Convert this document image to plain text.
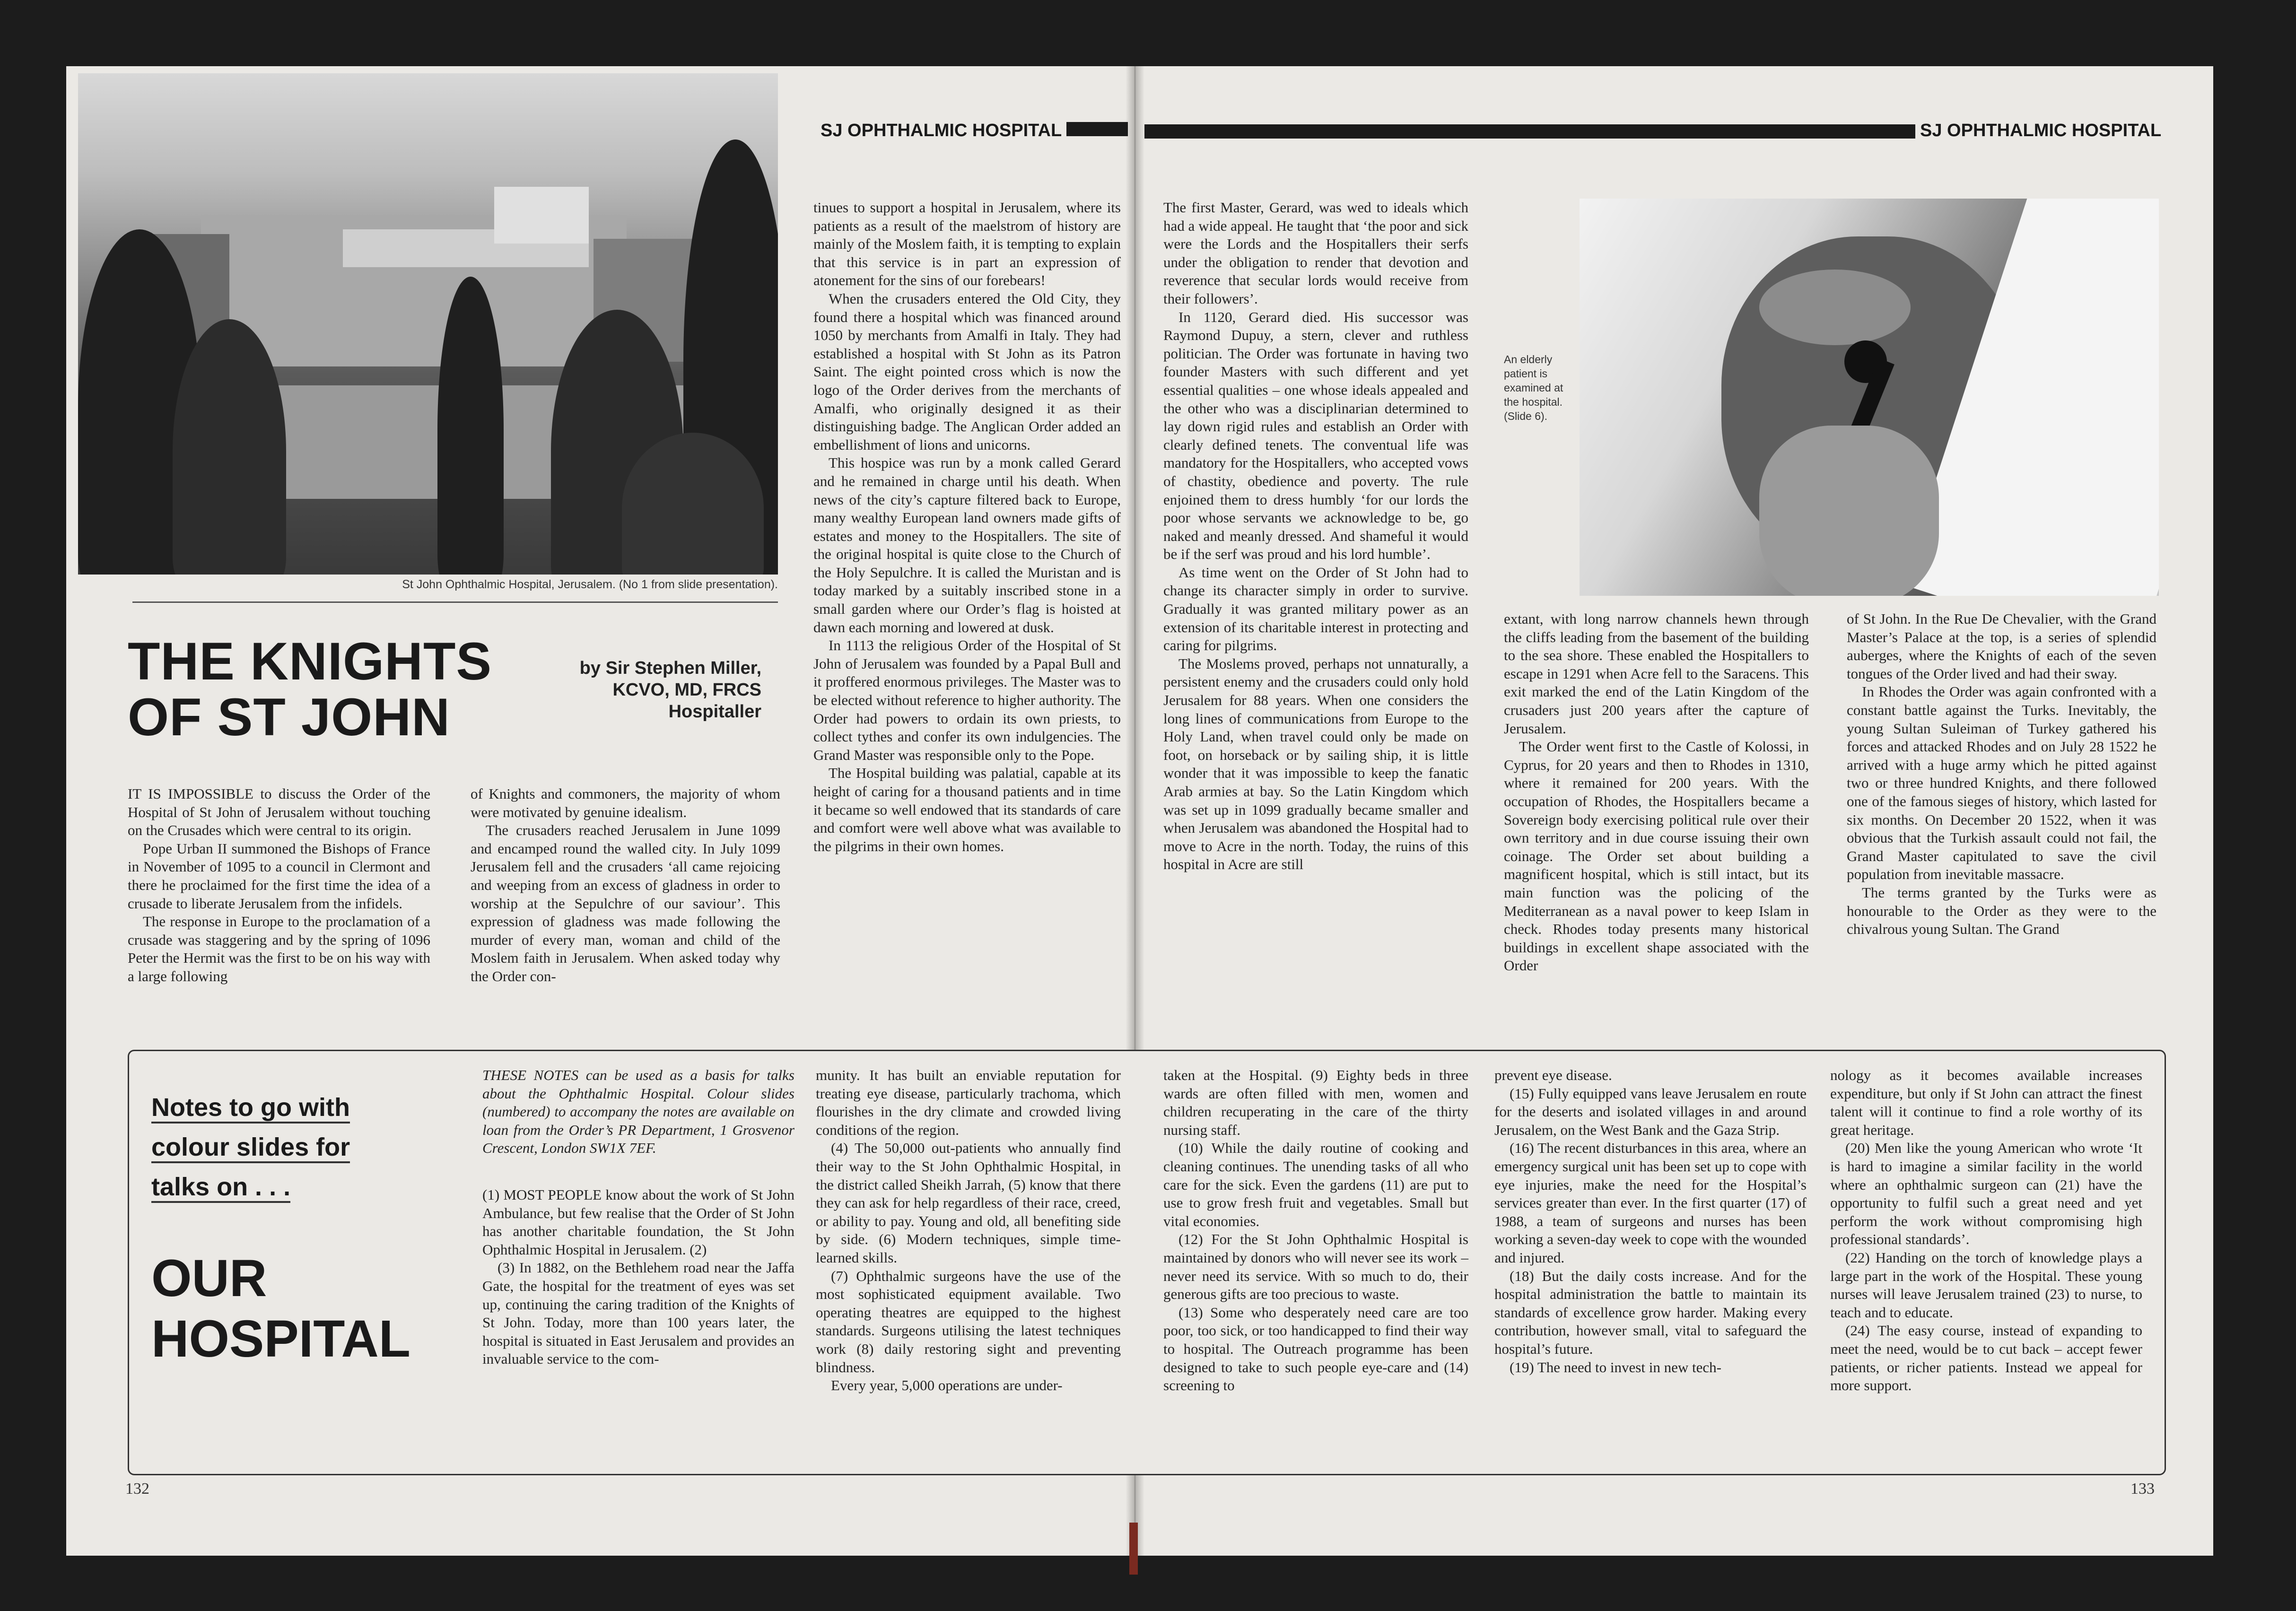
SJ OPHTHALMIC HOSPITAL	SJ OPHTHALMIC HOSPITAL
St John Ophthalmic Hospital, Jerusalem. (No 1 from slide presentation).
THE KNIGHTS
OF ST JOHN
by Sir Stephen Miller,
KCVO, MD, FRCS
Hospitaller

IT IS IMPOSSIBLE to discuss the Order of the Hospital of St John of Jerusalem without touching on the Crusades which were central to its origin.

Pope Urban II summoned the Bishops of France in November of 1095 to a council in Clermont and there he proclaimed for the first time the idea of a crusade to liberate Jerusalem from the infidels.

The response in Europe to the proclamation of a crusade was staggering and by the spring of 1096 Peter the Hermit was the first to be on his way with a large following

of Knights and commoners, the majority of whom were motivated by genuine idealism.

The crusaders reached Jerusalem in June 1099 and encamped round the walled city. In July 1099 Jerusalem fell and the crusaders ‘all came rejoicing and weeping from an excess of gladness in order to worship at the Sepulchre of our saviour’. This expression of gladness was made following the murder of every man, woman and child of the Moslem faith in Jerusalem. When asked today why the Order con-

tinues to support a hospital in Jerusalem, where its patients as a result of the maelstrom of history are mainly of the Moslem faith, it is tempting to explain that this service is in part an expression of atonement for the sins of our forebears!

When the crusaders entered the Old City, they found there a hospital which was financed around 1050 by merchants from Amalfi in Italy. They had established a hospital with St John as its Patron Saint. The eight pointed cross which is now the logo of the Order derives from the merchants of Amalfi, who originally designed it as their distinguishing badge. The Anglican Order added an embellishment of lions and unicorns.

This hospice was run by a monk called Gerard and he remained in charge until his death. When news of the city’s capture filtered back to Europe, many wealthy European land owners made gifts of estates and money to the Hospitallers. The site of the original hospital is quite close to the Church of the Holy Sepulchre. It is called the Muristan and is today marked by a suitably inscribed stone in a small garden where our Order’s flag is hoisted at dawn each morning and lowered at dusk.

In 1113 the religious Order of the Hospital of St John of Jerusalem was founded by a Papal Bull and it proffered enormous privileges. The Master was to be elected without reference to higher authority. The Order had powers to ordain its own priests, to collect tythes and confer its own indulgencies. The Grand Master was responsible only to the Pope.

The Hospital building was palatial, capable at its height of caring for a thousand patients and in time it became so well endowed that its standards of care and comfort were well above what was available to the pilgrims in their own homes.

The first Master, Gerard, was wed to ideals which had a wide appeal. He taught that ‘the poor and sick were the Lords and the Hospitallers their serfs under the obligation to render that devotion and reverence that secular lords would receive from their followers’.

In 1120, Gerard died. His successor was Raymond Dupuy, a stern, clever and ruthless politician. The Order was fortunate in having two founder Masters with such different and yet essential qualities – one whose ideals appealed and the other who was a disciplinarian determined to lay down rigid rules and establish an Order with clearly defined tenets. The conventual life was mandatory for the Hospitallers, who accepted vows of chastity, obedience and poverty. The rule enjoined them to dress humbly ‘for our lords the poor whose servants we acknowledge to be, go naked and meanly dressed. And shameful it would be if the serf was proud and his lord humble’.

As time went on the Order of St John had to change its character simply in order to survive. Gradually it was granted military power as an extension of its charitable interest in protecting and caring for pilgrims.

The Moslems proved, perhaps not unnaturally, a persistent enemy and the crusaders could only hold Jerusalem for 88 years. When one considers the long lines of communications from Europe to the Holy Land, when travel could only be made on foot, on horseback or by sailing ship, it is little wonder that it was impossible to keep the fanatic Arab armies at bay. So the Latin Kingdom which was set up in 1099 gradually became smaller and when Jerusalem was abandoned the Hospital had to move to Acre in the north. Today, the ruins of this hospital in Acre are still

An elderly patient is examined at the hospital. (Slide 6).

extant, with long narrow channels hewn through the cliffs leading from the basement of the building to the sea shore. These enabled the Hospitallers to escape in 1291 when Acre fell to the Saracens. This exit marked the end of the Latin Kingdom of the crusaders just 200 years after the capture of Jerusalem.

The Order went first to the Castle of Kolossi, in Cyprus, for 20 years and then to Rhodes in 1310, where it remained for 200 years. With the occupation of Rhodes, the Hospitallers became a Sovereign body exercising political rule over their own territory and in due course issuing their own coinage. The Order set about building a magnificent hospital, which is still intact, but its main function was the policing of the Mediterranean as a naval power to keep Islam in check. Rhodes today presents many historical buildings in excellent shape associated with the Order

of St John. In the Rue De Chevalier, with the Grand Master’s Palace at the top, is a series of splendid auberges, where the Knights of each of the seven tongues of the Order lived and had their sway.

In Rhodes the Order was again confronted with a constant battle against the Turks. Inevitably, the young Sultan Suleiman of Turkey gathered his forces and attacked Rhodes and on July 28 1522 he arrived with a huge army which he pitted against two or three hundred Knights, and there followed one of the famous sieges of history, which lasted for six months. On December 20 1522, when it was obvious that the Turkish assault could not fail, the Grand Master capitulated to save the civil population from inevitable massacre.

The terms granted by the Turks were as honourable to the Order as they were to the chivalrous young Sultan. The Grand

Notes to go with
colour slides for
talks on . . .
OUR
HOSPITAL

THESE NOTES can be used as a basis for talks about the Ophthalmic Hospital. Colour slides (numbered) to accompany the notes are available on loan from the Order’s PR Department, 1 Grosvenor Crescent, London SW1X 7EF.

(1) MOST PEOPLE know about the work of St John Ambulance, but few realise that the Order of St John has another charitable foundation, the St John Ophthalmic Hospital in Jerusalem. (2)

(3) In 1882, on the Bethlehem road near the Jaffa Gate, the hospital for the treatment of eyes was set up, continuing the caring tradition of the Knights of St John. Today, more than 100 years later, the hospital is situated in East Jerusalem and provides an invaluable service to the com-

munity. It has built an enviable reputation for treating eye disease, particularly trachoma, which flourishes in the dry climate and crowded living conditions of the region.

(4) The 50,000 out-patients who annually find their way to the St John Ophthalmic Hospital, in the district called Sheikh Jarrah, (5) know that there they can ask for help regardless of their race, creed, or ability to pay. Young and old, all benefiting side by side. (6) Modern techniques, simple time-learned skills.

(7) Ophthalmic surgeons have the use of the most sophisticated equipment available. Two operating theatres are equipped to the highest standards. Surgeons utilising the latest techniques work (8) daily restoring sight and preventing blindness.

Every year, 5,000 operations are under-

taken at the Hospital. (9) Eighty beds in three wards are often filled with men, women and children recuperating in the care of the thirty nursing staff.

(10) While the daily routine of cooking and cleaning continues. The unending tasks of all who care for the sick. Even the gardens (11) are put to use to grow fresh fruit and vegetables. Small but vital economies.

(12) For the St John Ophthalmic Hospital is maintained by donors who will never see its work – never need its service. With so much to do, their generous gifts are too precious to waste.

(13) Some who desperately need care are too poor, too sick, or too handicapped to find their way to hospital. The Outreach programme has been designed to take to such people eye-care and (14) screening to

prevent eye disease.

(15) Fully equipped vans leave Jerusalem en route for the deserts and isolated villages in and around Jerusalem, on the West Bank and the Gaza Strip.

(16) The recent disturbances in this area, where an emergency surgical unit has been set up to cope with eye injuries, make the need for the Hospital’s services greater than ever. In the first quarter (17) of 1988, a team of surgeons and nurses has been working a seven-day week to cope with the wounded and injured.

(18) But the daily costs increase. And for the hospital administration the battle to maintain its standards of excellence grow harder. Making every contribution, however small, vital to safeguard the hospital’s future.

(19) The need to invest in new tech-

nology as it becomes available increases expenditure, but only if St John can attract the finest talent will it continue to find a role worthy of its great heritage.

(20) Men like the young American who wrote ‘It is hard to imagine a similar facility in the world where an ophthalmic surgeon can (21) have the opportunity to fulfil such a great need and yet perform the work without compromising high professional standards’.

(22) Handing on the torch of knowledge plays a large part in the work of the Hospital. These young nurses will leave Jerusalem trained (23) to nurse, to teach and to educate.

(24) The easy course, instead of expanding to meet the need, would be to cut back – accept fewer patients, or richer patients. Instead we appeal for more support.

132	133
